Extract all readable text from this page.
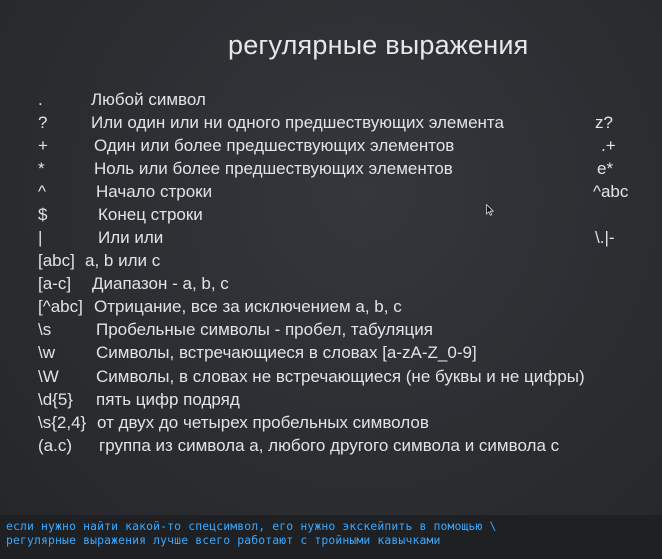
регулярные выражения
.	Любой символ
?	Или один или ни одного предшествующих элемента	z?
+	Один или более предшествующих элементов	.+
*	Ноль или более предшествующих элементов	e*
^	Начало строки	^abc
$	Конец строки
|	Или или	\.|-
[abc] a, b или c
[a-c] Диапазон - a, b, c
[^abc] Отрицание, все за исключением a, b, c
\s	Пробельные символы - пробел, табуляция
\w Символы, встречающиеся в словах [a-zA-Z_0-9]
\W Символы, в словах не встречающиеся (не буквы и не цифры)
\d{5} пять цифр подряд
\s{2,4} от двух до четырех пробельных символов
(a.c) группа из символа a, любого другого символа и символа c
если нужно найти какой-то спецсимвол, его нужно экскейпить в помощью \
регулярные выражения лучше всего работают с тройными кавычками
